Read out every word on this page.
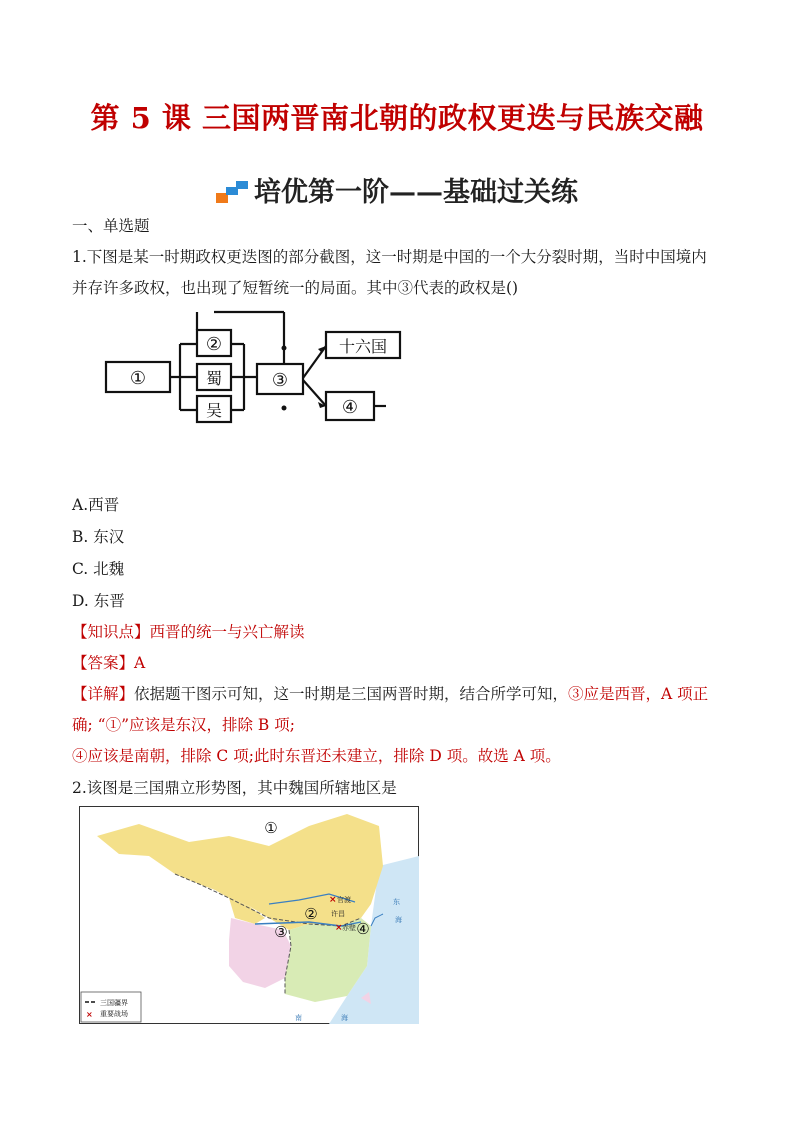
第 5 课 三国两晋南北朝的政权更迭与民族交融
培优第一阶——基础过关练
一、单选题
1.下图是某一时期政权更迭图的部分截图，这一时期是中国的一个大分裂时期，当时中国境内
并存许多政权，也出现了短暂统一的局面。其中③代表的政权是()
①
②
蜀
吴
③
十六国
④
A.西晋
B. 东汉
C. 北魏
D. 东晋
【知识点】西晋的统一与兴亡解读
【答案】A
【详解】依据题干图示可知，这一时期是三国两晋时期，结合所学可知，③应是西晋，A 项正
确; “①”应该是东汉，排除 B 项;
④应该是南朝，排除 C 项;此时东晋还未建立，排除 D 项。故选 A 项。
2.该图是三国鼎立形势图，其中魏国所辖地区是
×
×
官渡
许昌
赤壁
①
②
③	④
东
海
南	海
三国疆界
× 重要战场
